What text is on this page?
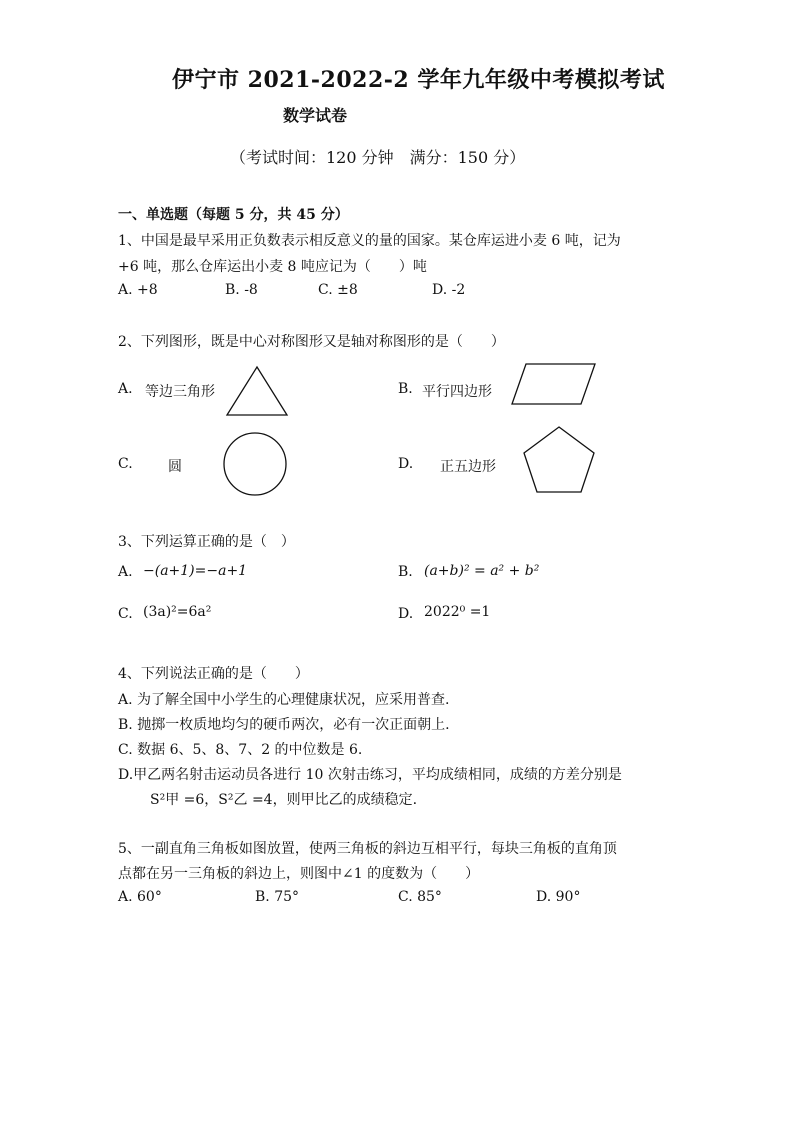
伊宁市 2021-2022-2 学年九年级中考模拟考试
数学试卷
（考试时间：120 分钟　满分：150 分）
一、单选题（每题 5 分，共 45 分）
1、中国是最早采用正负数表示相反意义的量的国家。某仓库运进小麦 6 吨，记为
+6 吨，那么仓库运出小麦 8 吨应记为（　　）吨
A. +8	B. -8	C. ±8	D. -2
2、下列图形，既是中心对称图形又是轴对称图形的是（　　）
A. 等边三角形	B. 平行四边形
C.	圆	D. 正五边形
3、下列运算正确的是（　）
A. −(a+1)=−a+1	B. (a+b)² = a² + b²
C. (3a)²=6a²	D. 2022⁰ =1
4、下列说法正确的是（　　）
A. 为了解全国中小学生的心理健康状况，应采用普查.
B. 抛掷一枚质地均匀的硬币两次，必有一次正面朝上.
C. 数据 6、5、8、7、2 的中位数是 6.
D.甲乙两名射击运动员各进行 10 次射击练习，平均成绩相同，成绩的方差分别是
S²甲 =6，S²乙 =4，则甲比乙的成绩稳定.
5、一副直角三角板如图放置，使两三角板的斜边互相平行，每块三角板的直角顶
点都在另一三角板的斜边上，则图中∠1 的度数为（　　）
A. 60°	B. 75°	C. 85°	D. 90°
